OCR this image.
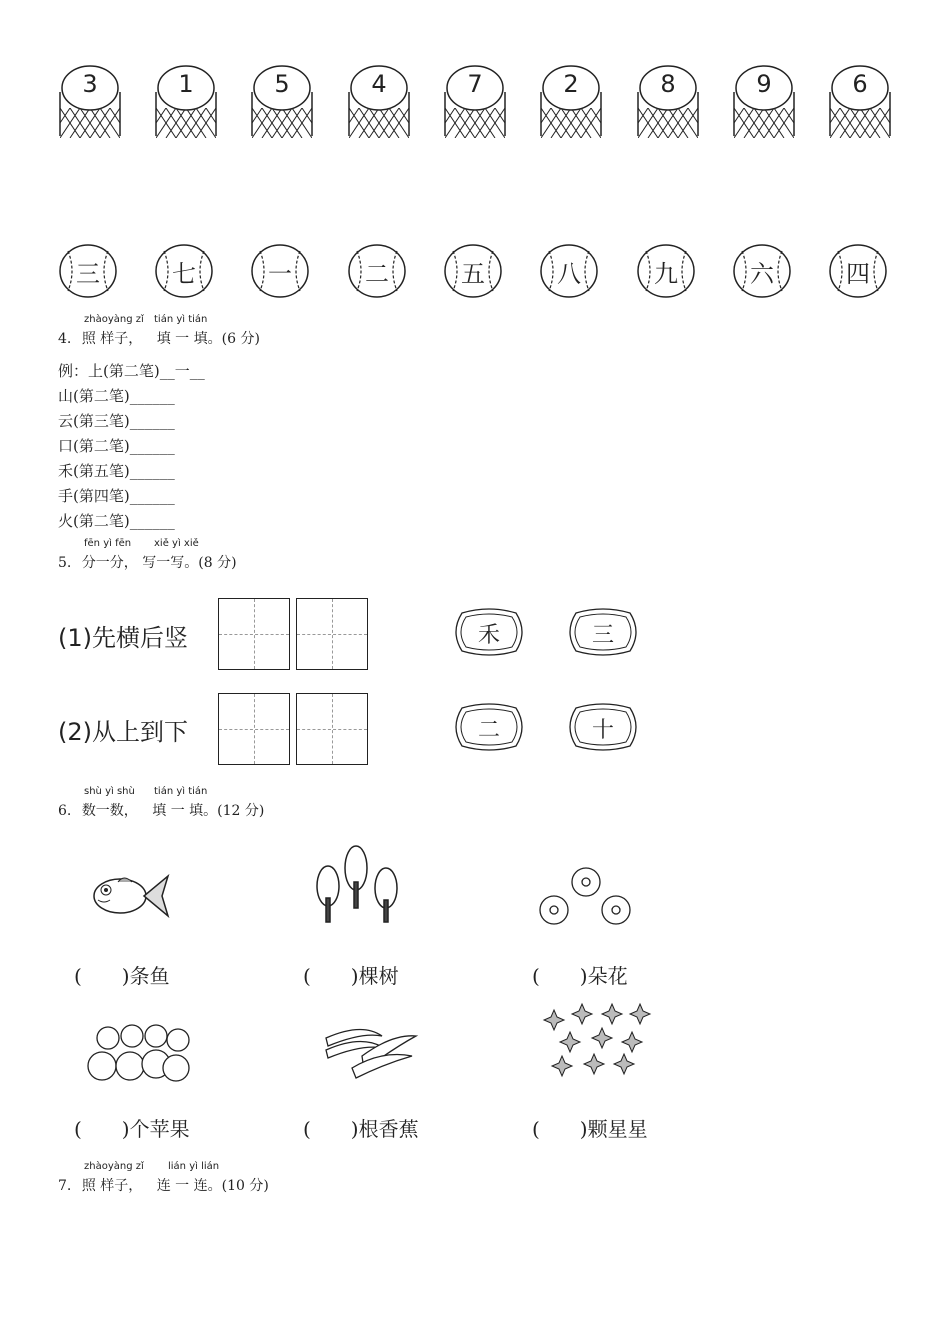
3	1	5	4	7	2	8	9	6
三	七	一	二	五	八	九	六	四
4.
zhàoyàng zǐ
照 样子，
tián yì tián
填 一 填。(6 分)
例：上(第二笔)__一__
山(第二笔)______
云(第三笔)______
口(第二笔)______
禾(第五笔)______
手(第四笔)______
火(第二笔)______
5.
fēn yì fēn
分一分，
xiě yì xiě
写一写。(8 分)
(1)先横后竖
(2)从上到下
禾	三
二	十
6.
shù yì shù
数一数，
tián yì tián
填 一 填。(12 分)
(　　)条鱼	(　　)棵树	(　　)朵花
(　　)个苹果	(　　)根香蕉	(　　)颗星星
7.
zhàoyàng zǐ
照 样子，
lián yì lián
连 一 连。(10 分)
